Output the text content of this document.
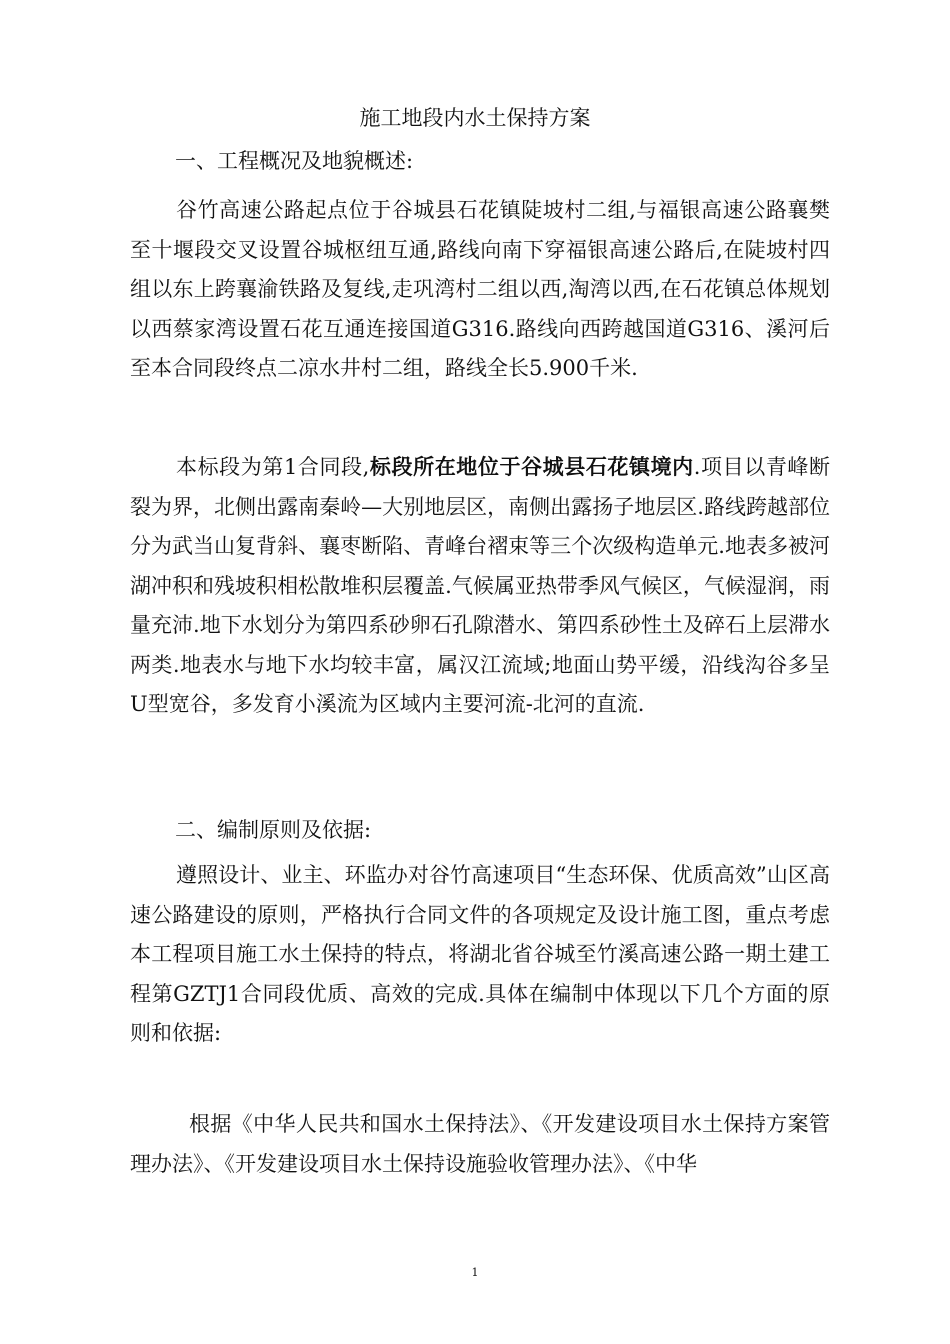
施工地段内水土保持方案
一、工程概况及地貌概述:
谷竹高速公路起点位于谷城县石花镇陡坡村二组,与福银高速公路襄樊至十堰段交叉设置谷城枢纽互通,路线向南下穿福银高速公路后,在陡坡村四组以东上跨襄渝铁路及复线,走巩湾村二组以西,淘湾以西,在石花镇总体规划以西蔡家湾设置石花互通连接国道G316.路线向西跨越国道G316、溪河后至本合同段终点二凉水井村二组，路线全长5.900千米.
本标段为第1合同段,标段所在地位于谷城县石花镇境内.项目以青峰断裂为界，北侧出露南秦岭—大别地层区，南侧出露扬子地层区.路线跨越部位分为武当山复背斜、襄枣断陷、青峰台褶束等三个次级构造单元.地表多被河湖冲积和残坡积相松散堆积层覆盖.气候属亚热带季风气候区，气候湿润，雨量充沛.地下水划分为第四系砂卵石孔隙潜水、第四系砂性土及碎石上层滞水两类.地表水与地下水均较丰富，属汉江流域;地面山势平缓，沿线沟谷多呈U型宽谷，多发育小溪流为区域内主要河流-北河的直流.
二、编制原则及依据:
遵照设计、业主、环监办对谷竹高速项目“生态环保、优质高效”山区高速公路建设的原则，严格执行合同文件的各项规定及设计施工图，重点考虑本工程项目施工水土保持的特点，将湖北省谷城至竹溪高速公路一期土建工程第GZTJ1合同段优质、高效的完成.具体在编制中体现以下几个方面的原则和依据:
根据《中华人民共和国水土保持法》、《开发建设项目水土保持方案管理办法》、《开发建设项目水土保持设施验收管理办法》、《中华
1
